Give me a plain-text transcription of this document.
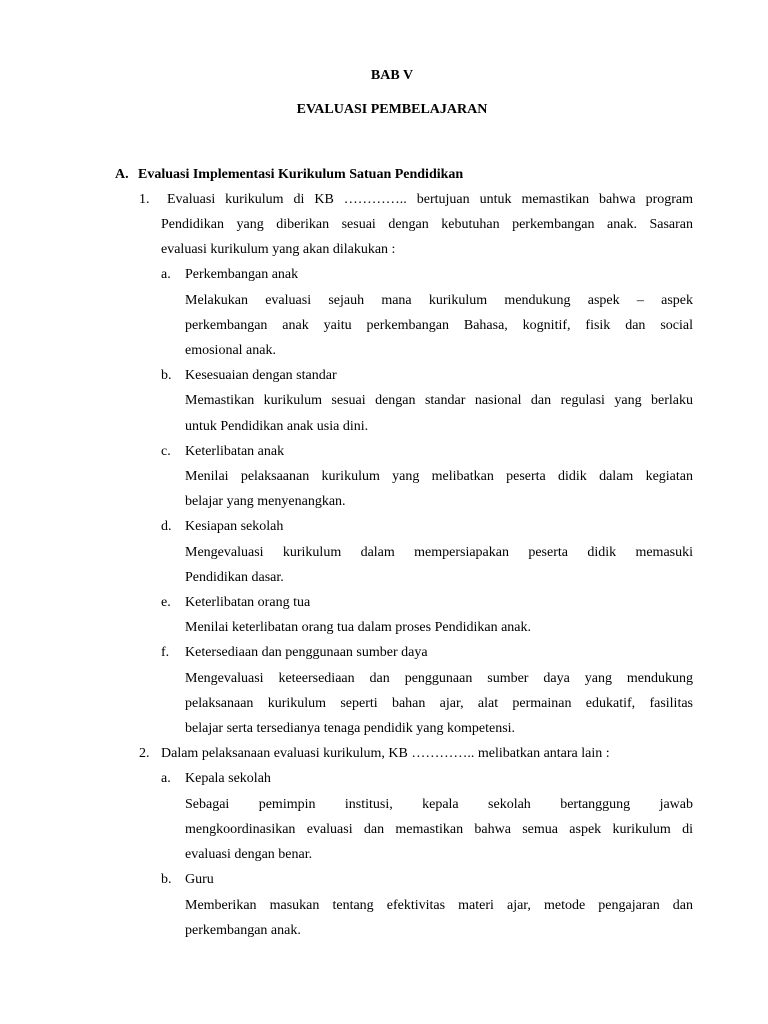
BAB V
EVALUASI PEMBELAJARAN
A. Evaluasi Implementasi Kurikulum Satuan Pendidikan
1.	Evaluasi kurikulum di KB ………….. bertujuan untuk memastikan bahwa program
Pendidikan yang diberikan sesuai dengan kebutuhan perkembangan anak. Sasaran
evaluasi kurikulum yang akan dilakukan :
a.	Perkembangan anak
Melakukan evaluasi sejauh mana kurikulum mendukung aspek – aspek
perkembangan anak yaitu perkembangan Bahasa, kognitif, fisik dan social
emosional anak.
b. Kesesuaian dengan standar
Memastikan kurikulum sesuai dengan standar nasional dan regulasi yang berlaku
untuk Pendidikan anak usia dini.
c.	Keterlibatan anak
Menilai pelaksaanan kurikulum yang melibatkan peserta didik dalam kegiatan
belajar yang menyenangkan.
d. Kesiapan sekolah
Mengevaluasi kurikulum dalam mempersiapakan peserta didik memasuki
Pendidikan dasar.
e.	Keterlibatan orang tua
Menilai keterlibatan orang tua dalam proses Pendidikan anak.
f.	Ketersediaan dan penggunaan sumber daya
Mengevaluasi keteersediaan dan penggunaan sumber daya yang mendukung
pelaksanaan kurikulum seperti bahan ajar, alat permainan edukatif, fasilitas
belajar serta tersedianya tenaga pendidik yang kompetensi.
2. Dalam pelaksanaan evaluasi kurikulum, KB ………….. melibatkan antara lain :
a.	Kepala sekolah
Sebagai pemimpin institusi, kepala sekolah bertanggung jawab
mengkoordinasikan evaluasi dan memastikan bahwa semua aspek kurikulum di
evaluasi dengan benar.
b. Guru
Memberikan masukan tentang efektivitas materi ajar, metode pengajaran dan
perkembangan anak.
